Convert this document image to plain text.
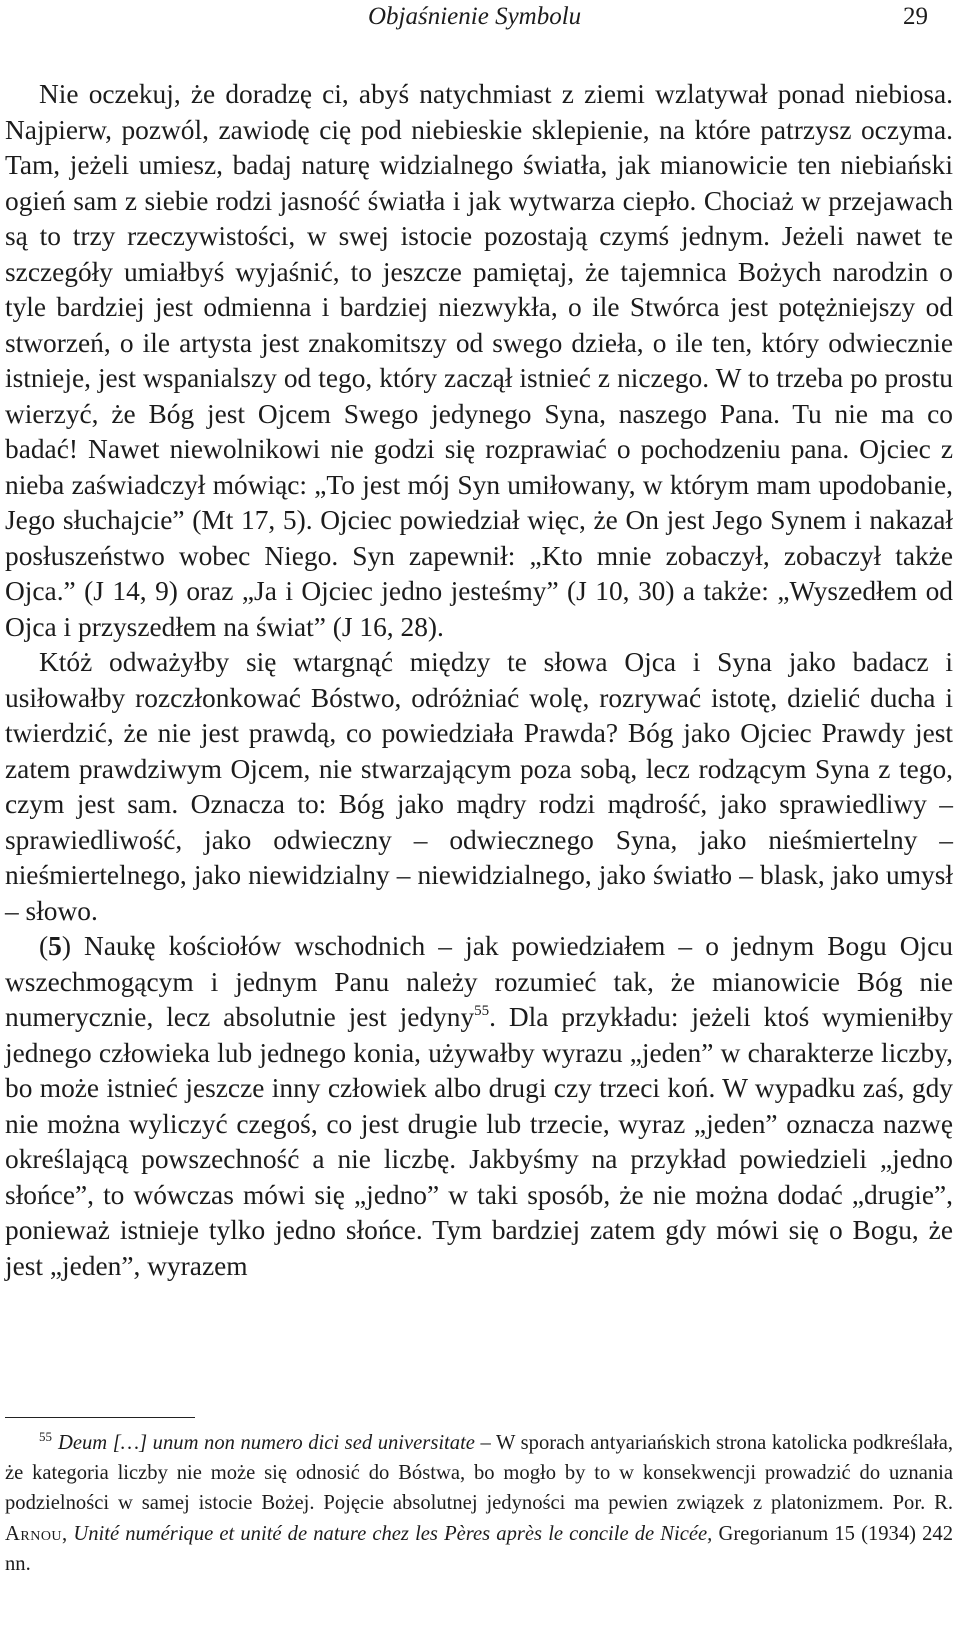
Objaśnienie Symbolu	29

Nie oczekuj, że doradzę ci, abyś natychmiast z ziemi wzlatywał ponad niebiosa. Najpierw, pozwól, zawiodę cię pod niebieskie sklepienie, na które patrzysz oczyma. Tam, jeżeli umiesz, badaj naturę widzialnego światła, jak mianowicie ten niebiański ogień sam z siebie rodzi jasność światła i jak wytwarza ciepło. Chociaż w przejawach są to trzy rzeczywistości, w swej istocie pozostają czymś jednym. Jeżeli nawet te szczegóły umiałbyś wyjaśnić, to jeszcze pamiętaj, że tajemnica Bożych narodzin o tyle bardziej jest odmienna i bardziej niezwykła, o ile Stwórca jest potężniejszy od stworzeń, o ile artysta jest znakomitszy od swego dzieła, o ile ten, który odwiecznie istnieje, jest wspanialszy od tego, który zaczął istnieć z niczego. W to trzeba po prostu wierzyć, że Bóg jest Ojcem Swego jedynego Syna, naszego Pana. Tu nie ma co badać! Nawet niewolnikowi nie godzi się rozprawiać o pochodzeniu pana. Ojciec z nieba zaświadczył mówiąc: „To jest mój Syn umiłowany, w którym mam upodobanie, Jego słuchajcie” (Mt 17, 5). Ojciec powiedział więc, że On jest Jego Synem i nakazał posłuszeństwo wobec Niego. Syn zapewnił: „Kto mnie zobaczył, zobaczył także Ojca.” (J 14, 9) oraz „Ja i Ojciec jedno jesteśmy” (J 10, 30) a także: „Wyszedłem od Ojca i przyszedłem na świat” (J 16, 28).

Któż odważyłby się wtargnąć między te słowa Ojca i Syna jako badacz i usiłowałby rozczłonkować Bóstwo, odróżniać wolę, rozrywać istotę, dzielić ducha i twierdzić, że nie jest prawdą, co powiedziała Prawda? Bóg jako Ojciec Prawdy jest zatem prawdziwym Ojcem, nie stwarzającym poza sobą, lecz rodzącym Syna z tego, czym jest sam. Oznacza to: Bóg jako mądry rodzi mądrość, jako sprawiedliwy – sprawiedliwość, jako odwieczny – odwiecznego Syna, jako nieśmiertelny – nieśmiertelnego, jako niewidzialny – niewidzialnego, jako światło – blask, jako umysł – słowo.

(5) Naukę kościołów wschodnich – jak powiedziałem – o jednym Bogu Ojcu wszechmogącym i jednym Panu należy rozumieć tak, że mianowicie Bóg nie numerycznie, lecz absolutnie jest jedyny$^{55}$. Dla przykładu: jeżeli ktoś wymieniłby jednego człowieka lub jednego konia, używałby wyrazu „jeden” w charakterze liczby, bo może istnieć jeszcze inny człowiek albo drugi czy trzeci koń. W wypadku zaś, gdy nie można wyliczyć czegoś, co jest drugie lub trzecie, wyraz „jeden” oznacza nazwę określającą powszechność a nie liczbę. Jakbyśmy na przykład powiedzieli „jedno słońce”, to wówczas mówi się „jedno” w taki sposób, że nie można dodać „drugie”, ponieważ istnieje tylko jedno słońce. Tym bardziej zatem gdy mówi się o Bogu, że jest „jeden”, wyrazem

$^{55}$ Deum […] unum non numero dici sed universitate – W sporach antyariańskich strona katolicka podkreślała, że kategoria liczby nie może się odnosić do Bóstwa, bo mogło by to w konsekwencji prowadzić do uznania podzielności w samej istocie Bożej. Pojęcie absolutnej jedyności ma pewien związek z platonizmem. Por. R. Arnou, Unité numérique et unité de nature chez les Pères après le concile de Nicée, Gregorianum 15 (1934) 242 nn.
